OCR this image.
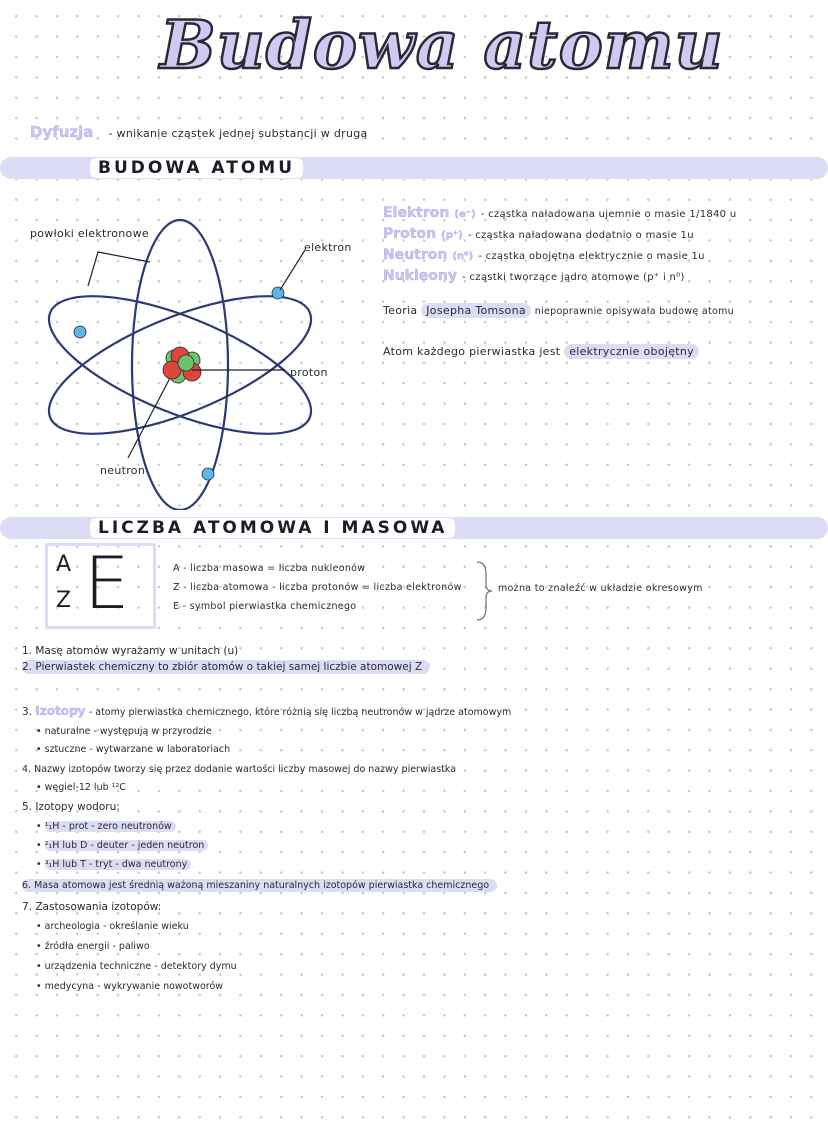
Budowa atomu
Dyfuzja - wnikanie cząstek jednej substancji w drugą
BUDOWA ATOMU
powłoki elektronowe
elektron
proton
neutron
Elektron (e⁻) - cząstka naładowana ujemnie o masie 1/1840 u
Proton (p⁺) - cząstka naładowana dodatnio o masie 1u
Neutron (n⁰) - cząstka obojętna elektrycznie o masie 1u
Nukleony - cząstki tworzące jądro atomowe (p⁺ i n⁰)
Teoria Josepha Tomsona niepoprawnie opisywała budowę atomu
Atom każdego pierwiastka jest elektrycznie obojętny
LICZBA ATOMOWA I MASOWA
A
Z E	A - liczba masowa = liczba nukleonów
Z - liczba atomowa - liczba protonów = liczba elektronów
E - symbol pierwiastka chemicznego
można to znaleźć w układzie okresowym
1. Masę atomów wyrażamy w unitach (u)
2. Pierwiastek chemiczny to zbiór atomów o takiej samej liczbie atomowej Z
3. Izotopy - atomy pierwiastka chemicznego, które różnią się liczbą neutronów w jądrze atomowym
• naturalne - występują w przyrodzie
• sztuczne - wytwarzane w laboratoriach
4. Nazwy izotopów tworzy się przez dodanie wartości liczby masowej do nazwy pierwiastka
• węgiel-12 lub ¹²C
5. Izotopy wodoru:
• ¹₁H - prot - zero neutronów
• ²₁H lub D - deuter - jeden neutron
• ³₁H lub T - tryt - dwa neutrony
6. Masa atomowa jest średnią ważoną mieszaniny naturalnych izotopów pierwiastka chemicznego
7. Zastosowania izotopów:
• archeologia - określanie wieku
• źródła energii - paliwo
• urządzenia techniczne - detektory dymu
• medycyna - wykrywanie nowotworów
